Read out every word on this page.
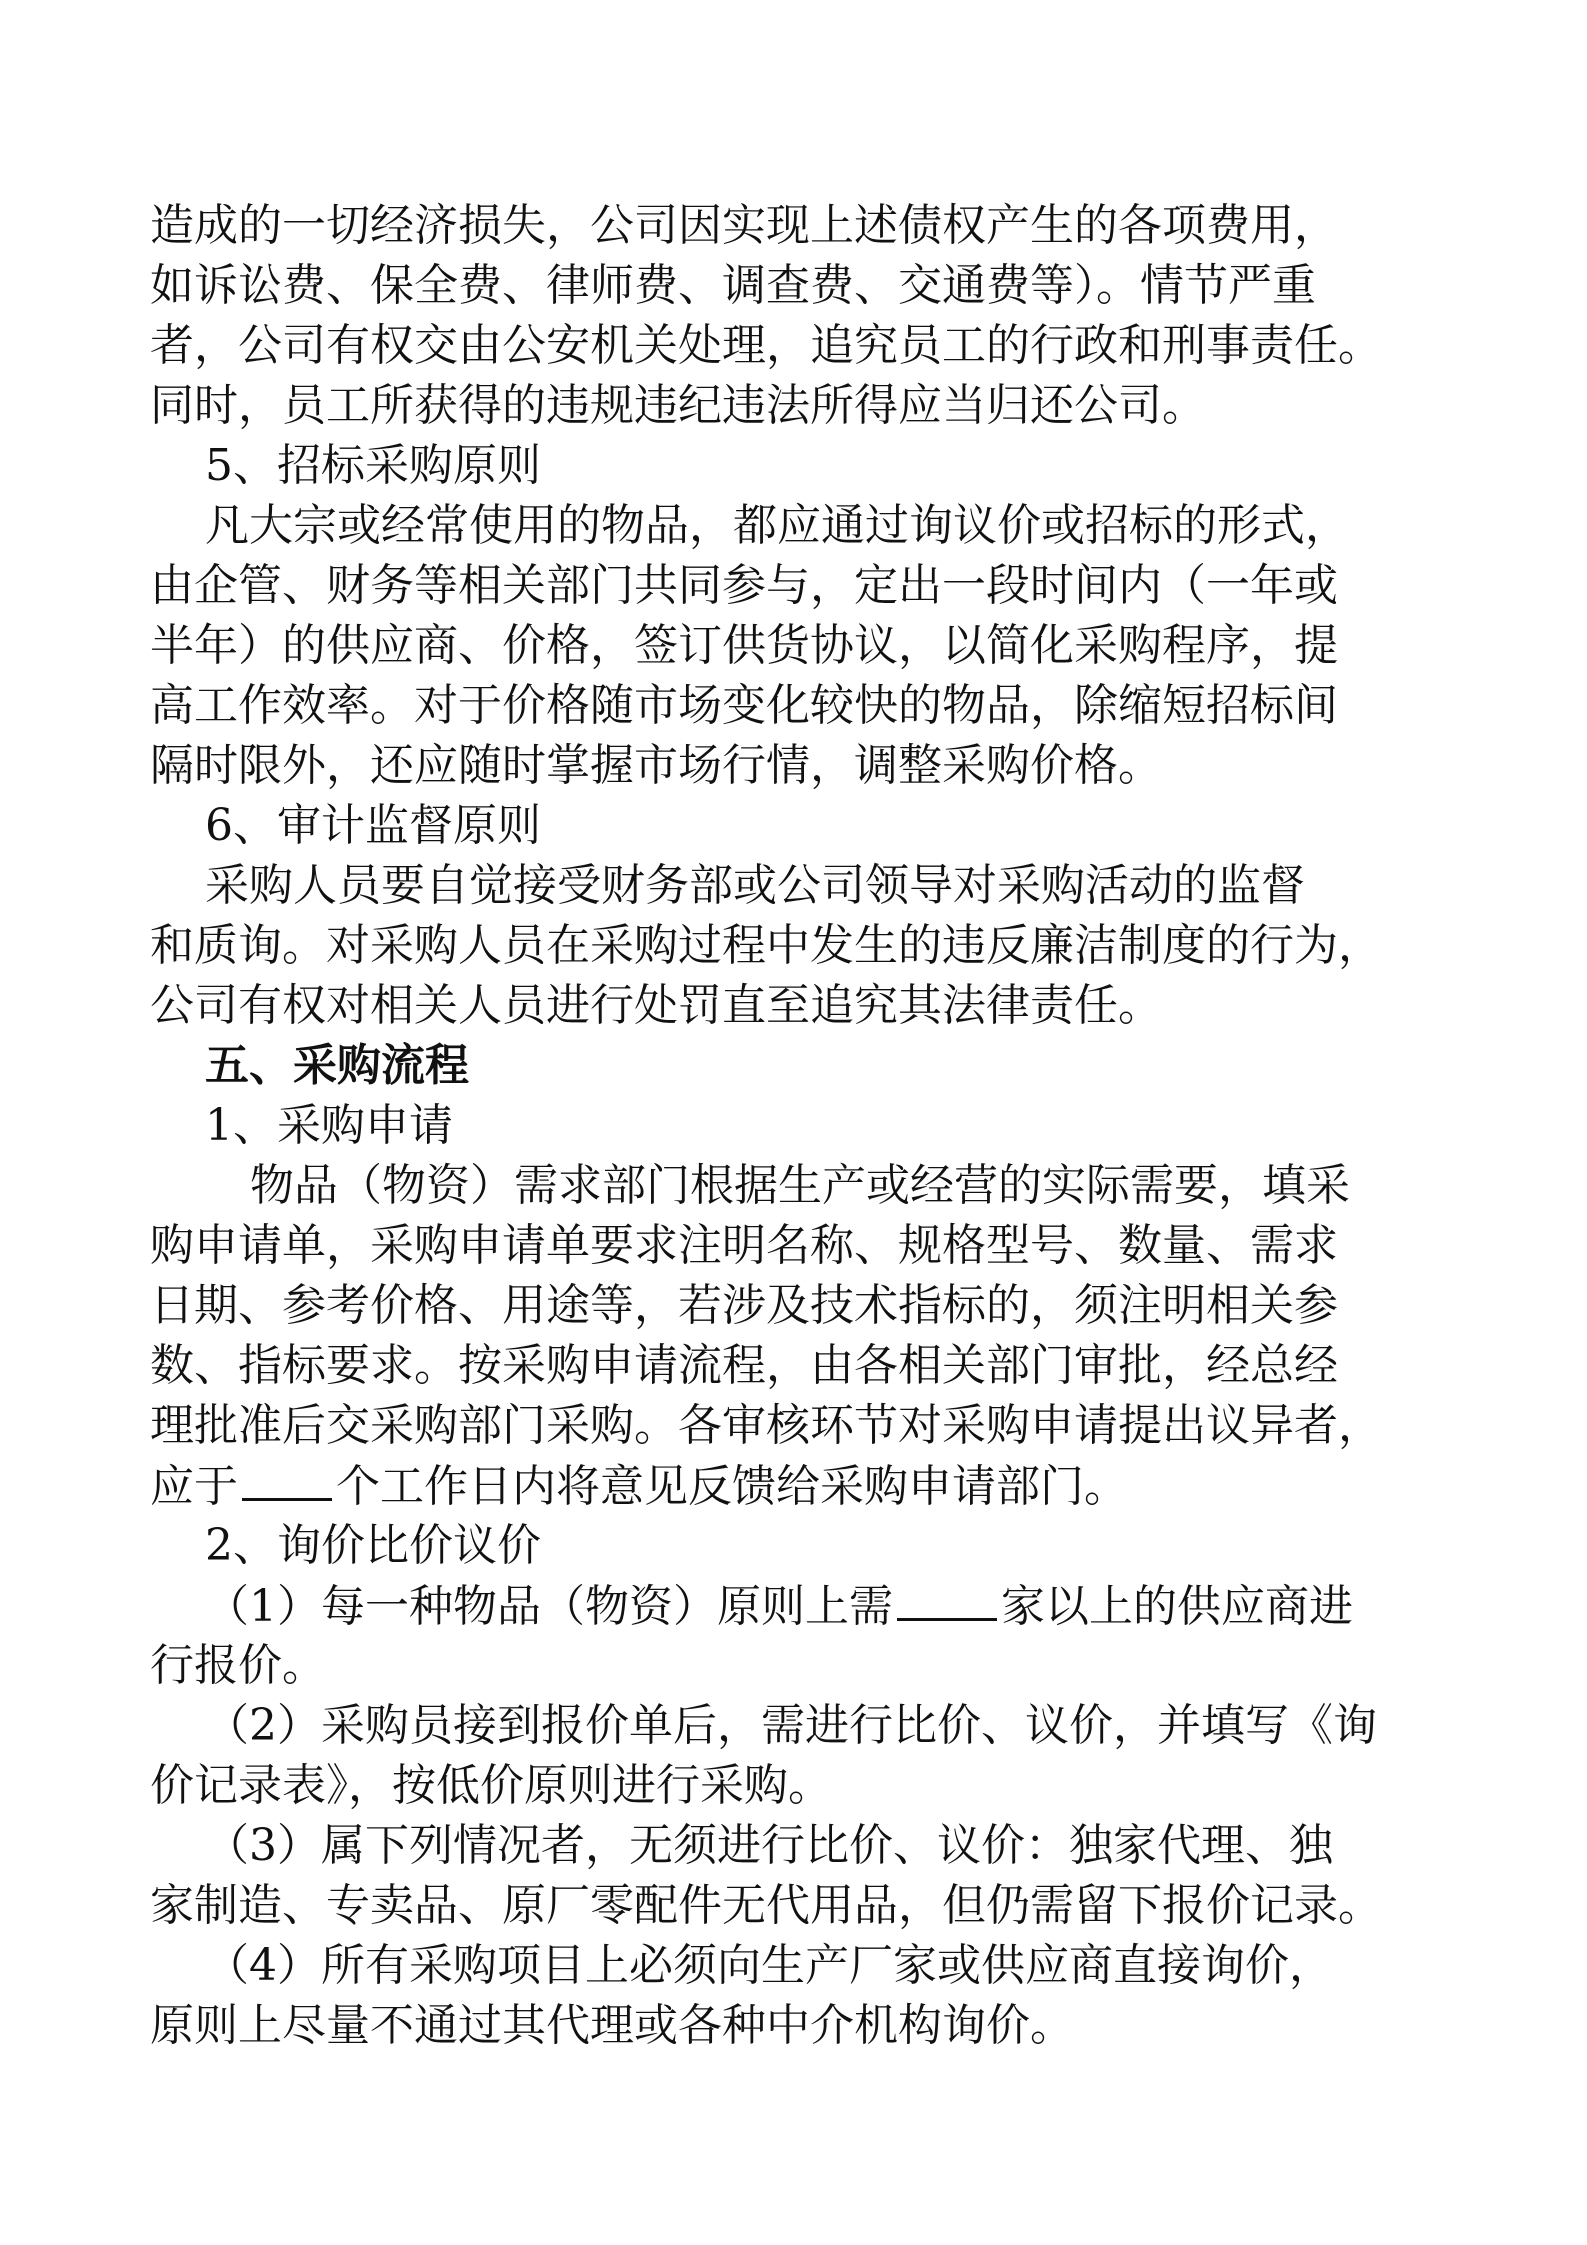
造成的一切经济损失，公司因实现上述债权产生的各项费用，
如诉讼费、保全费、律师费、调查费、交通费等）。情节严重
者，公司有权交由公安机关处理，追究员工的行政和刑事责任。
同时，员工所获得的违规违纪违法所得应当归还公司。
5、招标采购原则
凡大宗或经常使用的物品，都应通过询议价或招标的形式，
由企管、财务等相关部门共同参与，定出一段时间内（一年或
半年）的供应商、价格，签订供货协议，以简化采购程序，提
高工作效率。对于价格随市场变化较快的物品，除缩短招标间
隔时限外，还应随时掌握市场行情，调整采购价格。
6、审计监督原则
采购人员要自觉接受财务部或公司领导对采购活动的监督
和质询。对采购人员在采购过程中发生的违反廉洁制度的行为，
公司有权对相关人员进行处罚直至追究其法律责任。
五、采购流程
1、采购申请
物品（物资）需求部门根据生产或经营的实际需要，填采
购申请单，采购申请单要求注明名称、规格型号、数量、需求
日期、参考价格、用途等，若涉及技术指标的，须注明相关参
数、指标要求。按采购申请流程，由各相关部门审批，经总经
理批准后交采购部门采购。各审核环节对采购申请提出议异者，
应于 个工作日内将意见反馈给采购申请部门。
2、询价比价议价
（1）每一种物品（物资）原则上需 家以上的供应商进
行报价。
（2）采购员接到报价单后，需进行比价、议价，并填写《询
价记录表》，按低价原则进行采购。
（3）属下列情况者，无须进行比价、议价：独家代理、独
家制造、专卖品、原厂零配件无代用品，但仍需留下报价记录。
（4）所有采购项目上必须向生产厂家或供应商直接询价，
原则上尽量不通过其代理或各种中介机构询价。
